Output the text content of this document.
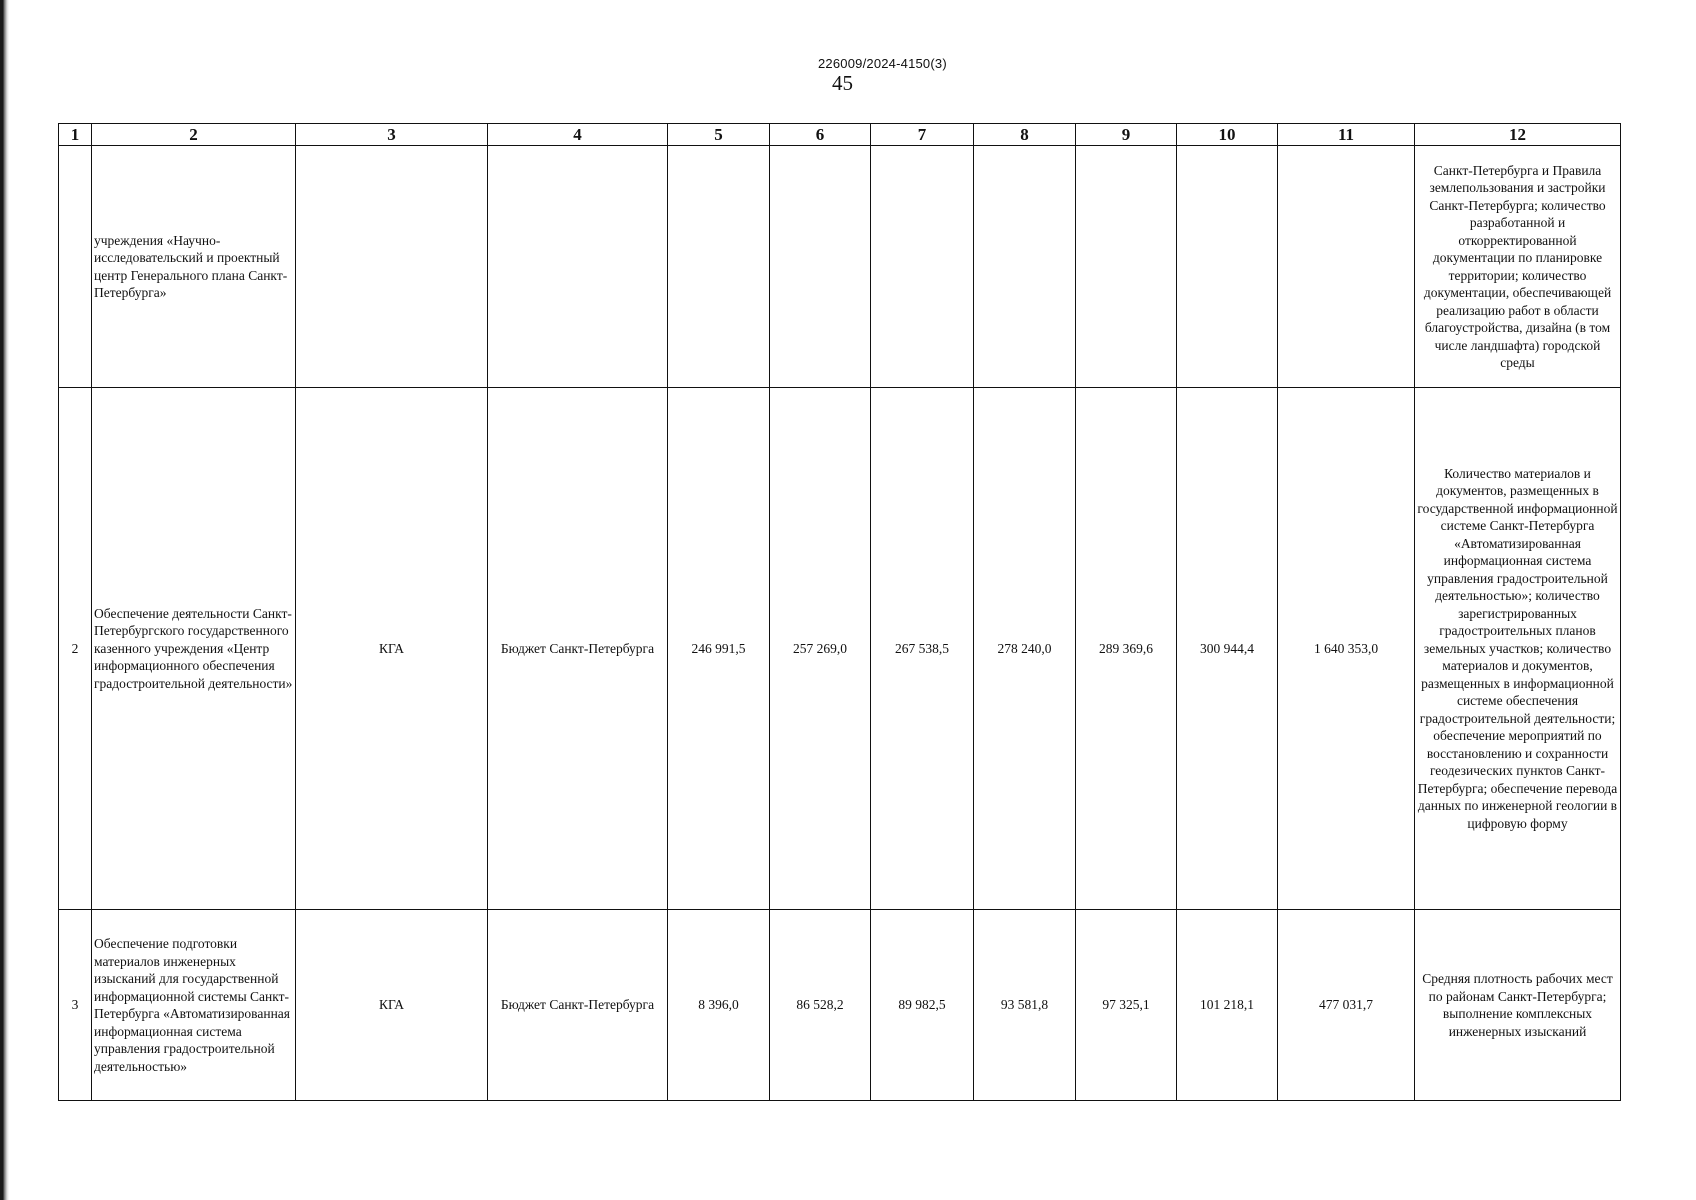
226009/2024-4150(3)
45
1	2	3	4	5	6	7	8	9	10	11	12
	учреждения «Научно-исследовательский и проектный центр Генерального плана Санкт-Петербурга»										Санкт-Петербурга и Правила землепользования и застройки Санкт-Петербурга; количество разработанной и откорректированной документации по планировке территории; количество документации, обеспечивающей реализацию работ в области благоустройства, дизайна (в том числе ландшафта) городской среды
2	Обеспечение деятельности Санкт-Петербургского государственного казенного учреждения «Центр информационного обеспечения градостроительной деятельности»	КГА	Бюджет Санкт-Петербурга	246 991,5	257 269,0	267 538,5	278 240,0	289 369,6	300 944,4	1 640 353,0	Количество материалов и документов, размещенных в государственной информационной системе Санкт-Петербурга «Автоматизированная информационная система управления градостроительной деятельностью»; количество зарегистрированных градостроительных планов земельных участков; количество материалов и документов, размещенных в информационной системе обеспечения градостроительной деятельности; обеспечение мероприятий по восстановлению и сохранности геодезических пунктов Санкт-Петербурга; обеспечение перевода данных по инженерной геологии в цифровую форму
3	Обеспечение подготовки материалов инженерных изысканий для государственной информационной системы Санкт-Петербурга «Автоматизированная информационная система управления градостроительной деятельностью»	КГА	Бюджет Санкт-Петербурга	8 396,0	86 528,2	89 982,5	93 581,8	97 325,1	101 218,1	477 031,7	Средняя плотность рабочих мест по районам Санкт-Петербурга; выполнение комплексных инженерных изысканий
